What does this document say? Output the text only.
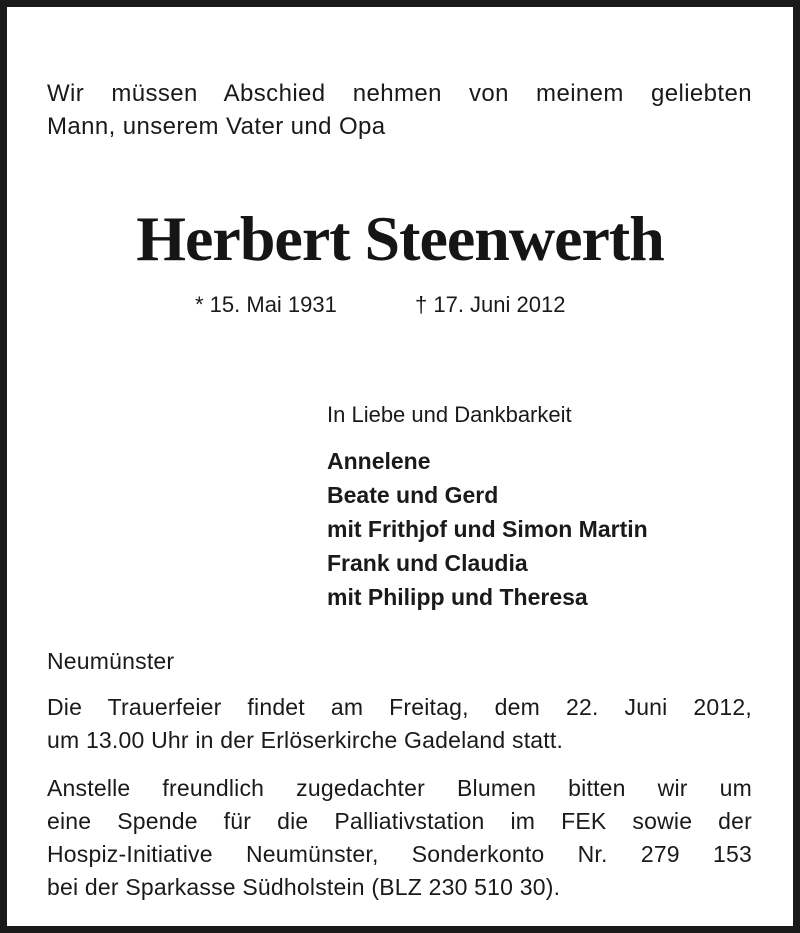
Wir müssen Abschied nehmen von meinem geliebten
Mann, unserem Vater und Opa
Herbert Steenwerth
* 15. Mai 1931	† 17. Juni 2012
In Liebe und Dankbarkeit
Annelene
Beate und Gerd
mit Frithjof und Simon Martin
Frank und Claudia
mit Philipp und Theresa
Neumünster
Die Trauerfeier findet am Freitag, dem 22. Juni 2012,
um 13.00 Uhr in der Erlöserkirche Gadeland statt.
Anstelle freundlich zugedachter Blumen bitten wir um
eine Spende für die Palliativstation im FEK sowie der
Hospiz-Initiative Neumünster, Sonderkonto Nr. 279 153
bei der Sparkasse Südholstein (BLZ 230 510 30).
